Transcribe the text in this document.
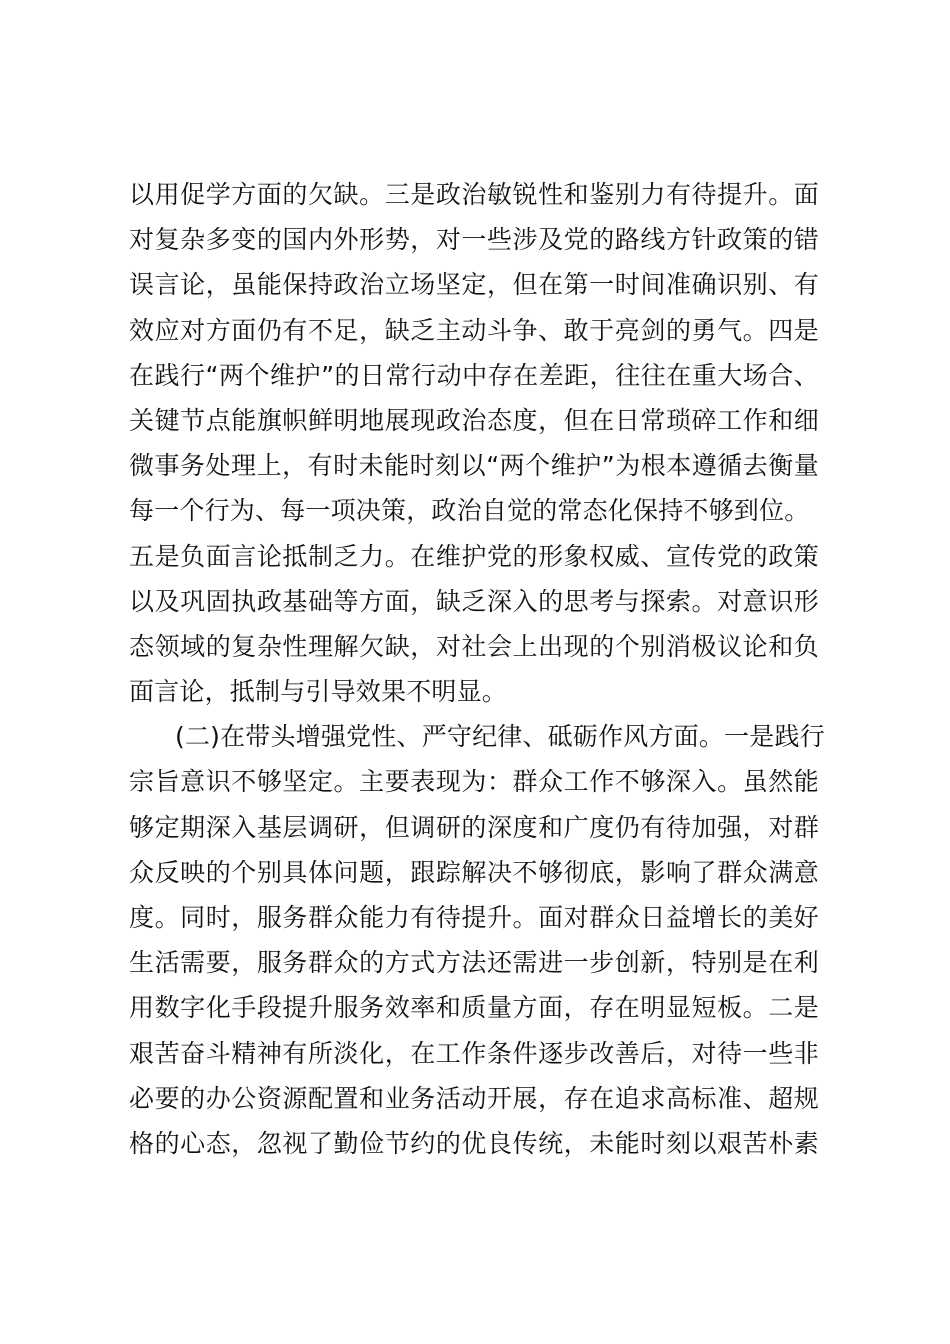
以用促学方面的欠缺。三是政治敏锐性和鉴别力有待提升。面
对复杂多变的国内外形势，对一些涉及党的路线方针政策的错
误言论，虽能保持政治立场坚定，但在第一时间准确识别、有
效应对方面仍有不足，缺乏主动斗争、敢于亮剑的勇气。四是
在践行“两个维护”的日常行动中存在差距，往往在重大场合、
关键节点能旗帜鲜明地展现政治态度，但在日常琐碎工作和细
微事务处理上，有时未能时刻以“两个维护”为根本遵循去衡量
每一个行为、每一项决策，政治自觉的常态化保持不够到位。
五是负面言论抵制乏力。在维护党的形象权威、宣传党的政策
以及巩固执政基础等方面，缺乏深入的思考与探索。对意识形
态领域的复杂性理解欠缺，对社会上出现的个别消极议论和负
面言论，抵制与引导效果不明显。
(二)在带头增强党性、严守纪律、砥砺作风方面。一是践行
宗旨意识不够坚定。主要表现为：群众工作不够深入。虽然能
够定期深入基层调研，但调研的深度和广度仍有待加强，对群
众反映的个别具体问题，跟踪解决不够彻底，影响了群众满意
度。同时，服务群众能力有待提升。面对群众日益增长的美好
生活需要，服务群众的方式方法还需进一步创新，特别是在利
用数字化手段提升服务效率和质量方面，存在明显短板。二是
艰苦奋斗精神有所淡化，在工作条件逐步改善后，对待一些非
必要的办公资源配置和业务活动开展，存在追求高标准、超规
格的心态，忽视了勤俭节约的优良传统，未能时刻以艰苦朴素
